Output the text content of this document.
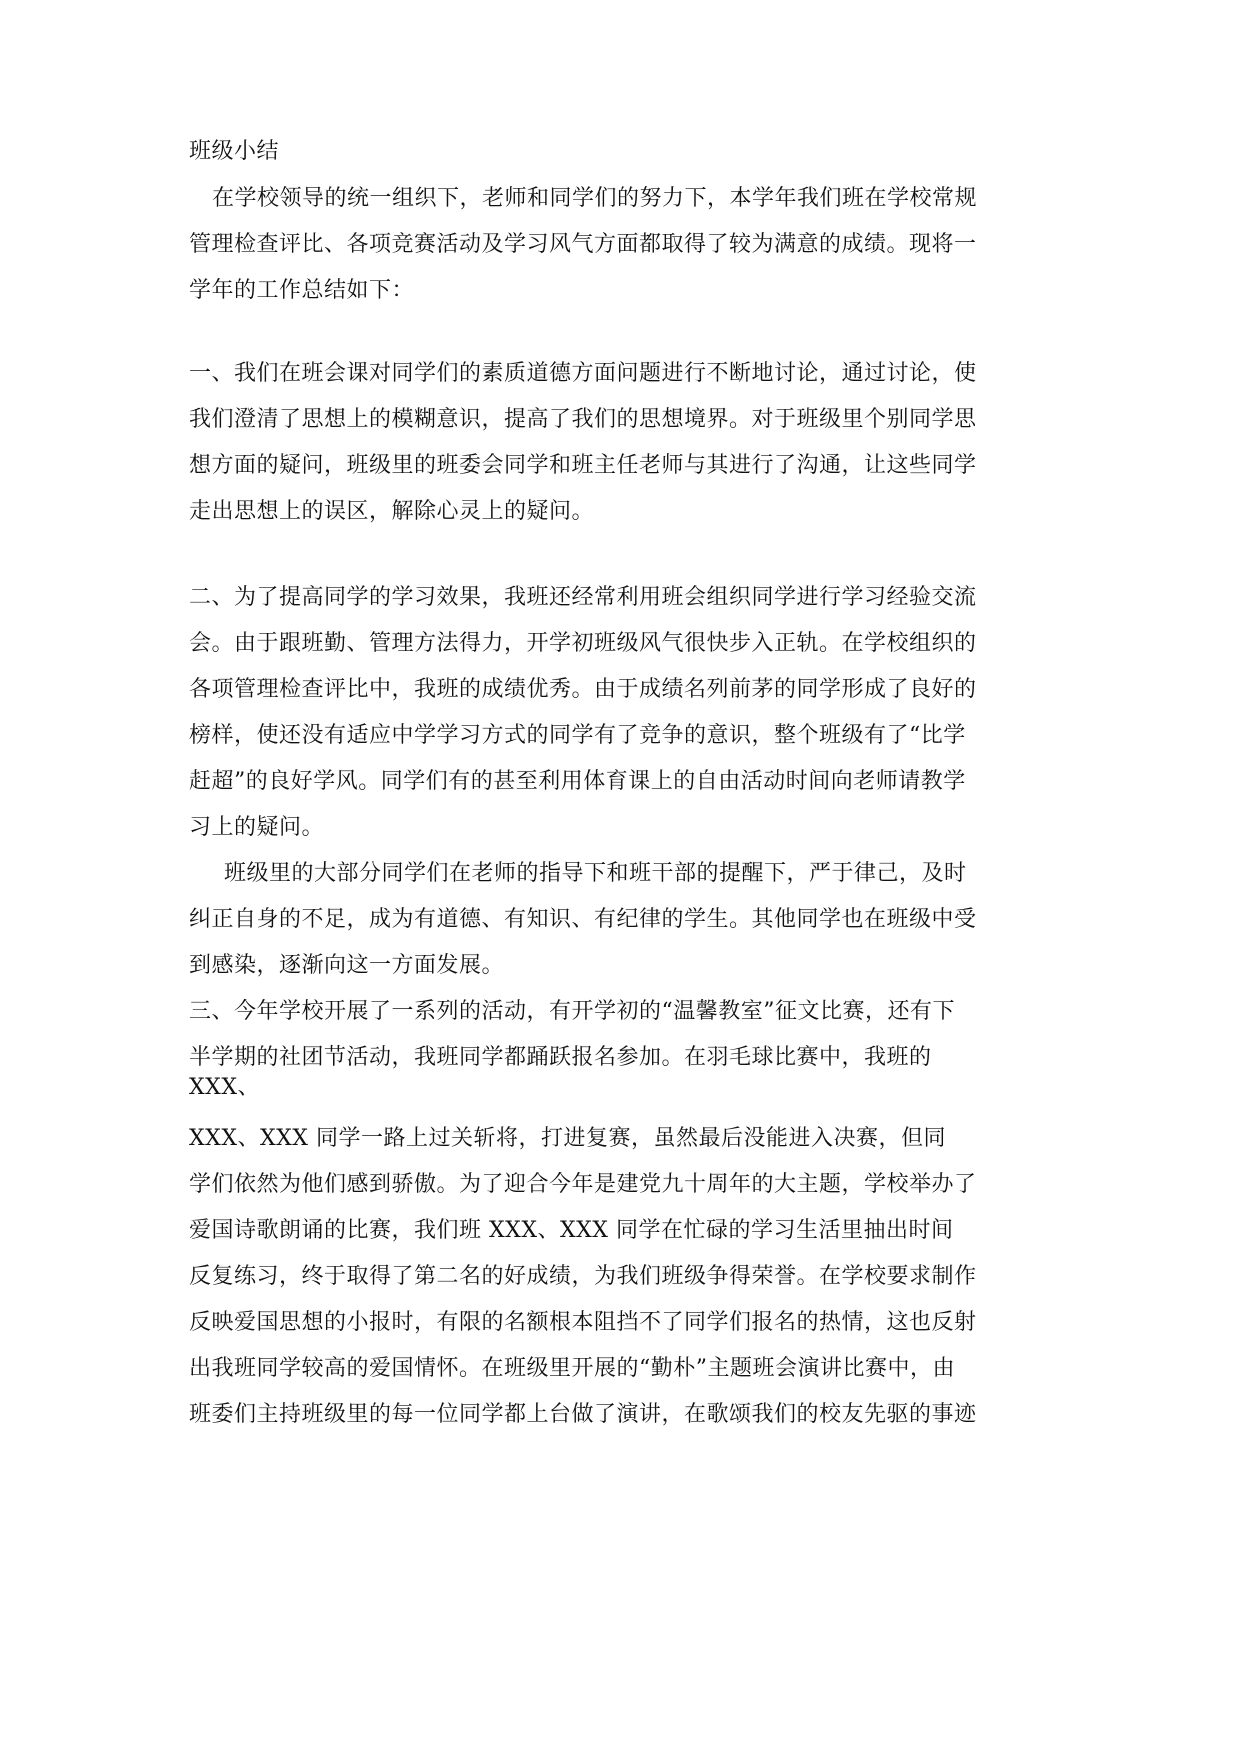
班级小结
在学校领导的统一组织下，老师和同学们的努力下，本学年我们班在学校常规
管理检查评比、各项竞赛活动及学习风气方面都取得了较为满意的成绩。现将一
学年的工作总结如下：
一、我们在班会课对同学们的素质道德方面问题进行不断地讨论，通过讨论，使
我们澄清了思想上的模糊意识，提高了我们的思想境界。对于班级里个别同学思
想方面的疑问，班级里的班委会同学和班主任老师与其进行了沟通，让这些同学
走出思想上的误区，解除心灵上的疑问。
二、为了提高同学的学习效果，我班还经常利用班会组织同学进行学习经验交流
会。由于跟班勤、管理方法得力，开学初班级风气很快步入正轨。在学校组织的
各项管理检查评比中，我班的成绩优秀。由于成绩名列前茅的同学形成了良好的
榜样，使还没有适应中学学习方式的同学有了竞争的意识，整个班级有了“比学
赶超”的良好学风。同学们有的甚至利用体育课上的自由活动时间向老师请教学
习上的疑问。
班级里的大部分同学们在老师的指导下和班干部的提醒下，严于律己，及时
纠正自身的不足，成为有道德、有知识、有纪律的学生。其他同学也在班级中受
到感染，逐渐向这一方面发展。
三、今年学校开展了一系列的活动，有开学初的“温馨教室”征文比赛，还有下
半学期的社团节活动，我班同学都踊跃报名参加。在羽毛球比赛中，我班的
XXX、
XXX、XXX 同学一路上过关斩将，打进复赛，虽然最后没能进入决赛，但同
学们依然为他们感到骄傲。为了迎合今年是建党九十周年的大主题，学校举办了
爱国诗歌朗诵的比赛，我们班 XXX、XXX 同学在忙碌的学习生活里抽出时间
反复练习，终于取得了第二名的好成绩，为我们班级争得荣誉。在学校要求制作
反映爱国思想的小报时，有限的名额根本阻挡不了同学们报名的热情，这也反射
出我班同学较高的爱国情怀。在班级里开展的“勤朴”主题班会演讲比赛中，由
班委们主持班级里的每一位同学都上台做了演讲，在歌颂我们的校友先驱的事迹
